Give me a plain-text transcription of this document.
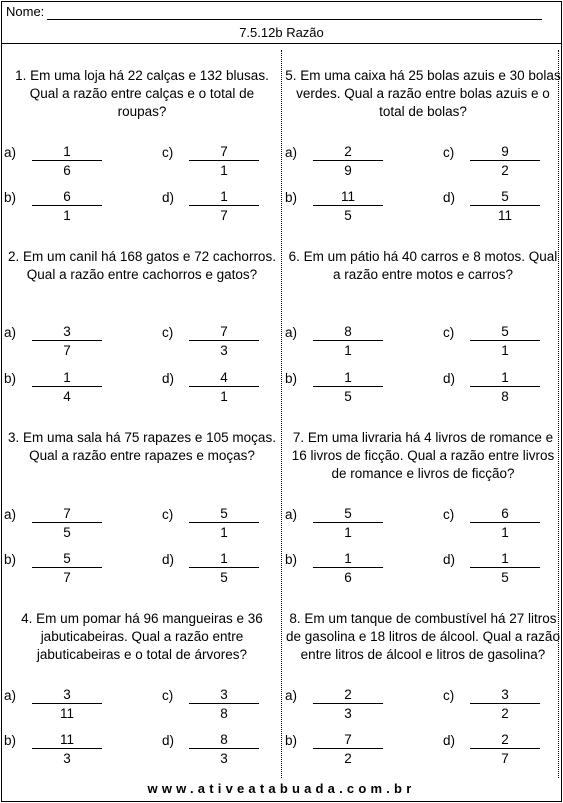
Nome:
7.5.12b Razão
1. Em uma loja há 22 calças e 132 blusas. Qual a razão entre calças e o total de roupas?
$a) \frac{1}{6}$	$c) \frac{7}{1}$
$b) \frac{6}{1}$	$d) \frac{1}{7}$
2. Em um canil há 168 gatos e 72 cachorros. Qual a razão entre cachorros e gatos?
$a) \frac{3}{7}$	$c) \frac{7}{3}$
$b) \frac{1}{4}$	$d) \frac{4}{1}$
3. Em uma sala há 75 rapazes e 105 moças. Qual a razão entre rapazes e moças?
$a) \frac{7}{5}$	$c) \frac{5}{1}$
$b) \frac{5}{7}$	$d) \frac{1}{5}$
4. Em um pomar há 96 mangueiras e 36 jabuticabeiras. Qual a razão entre jabuticabeiras e o total de árvores?
$a) \frac{3}{11}$	$c) \frac{3}{8}$
$b) \frac{11}{3}$	$d) \frac{8}{3}$
5. Em uma caixa há 25 bolas azuis e 30 bolas verdes. Qual a razão entre bolas azuis e o total de bolas?
$a) \frac{2}{9}$	$c) \frac{9}{2}$
$b) \frac{11}{5}$	$d) \frac{5}{11}$
6. Em um pátio há 40 carros e 8 motos. Qual a razão entre motos e carros?
$a) \frac{8}{1}$	$c) \frac{5}{1}$
$b) \frac{1}{5}$	$d) \frac{1}{8}$
7. Em uma livraria há 4 livros de romance e 16 livros de ficção. Qual a razão entre livros de romance e livros de ficção?
$a) \frac{5}{1}$	$c) \frac{6}{1}$
$b) \frac{1}{6}$	$d) \frac{1}{5}$
8. Em um tanque de combustível há 27 litros de gasolina e 18 litros de álcool. Qual a razão entre litros de álcool e litros de gasolina?
$a) \frac{2}{3}$	$c) \frac{3}{2}$
$b) \frac{7}{2}$	$d) \frac{2}{7}$
www.ativeatabuada.com.br
